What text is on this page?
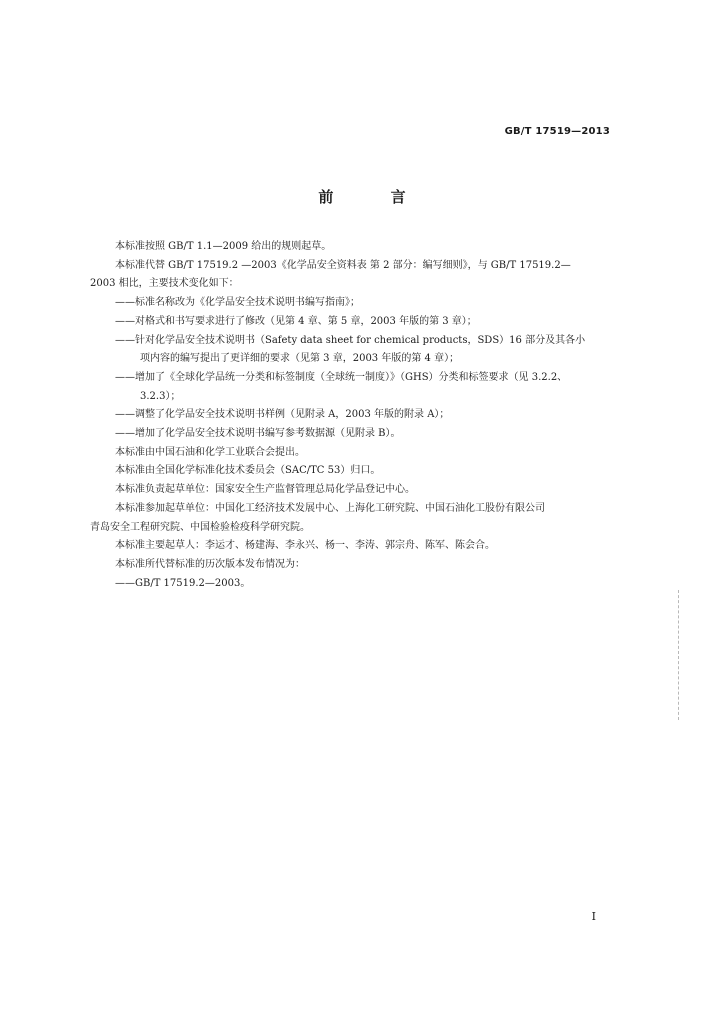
GB/T 17519—2013
前 言

本标准按照 GB/T 1.1—2009 给出的规则起草。

本标准代替 GB/T 17519.2 —2003《化学品安全资料表 第 2 部分：编写细则》，与 GB/T 17519.2—

2003 相比，主要技术变化如下：

——标准名称改为《化学品安全技术说明书编写指南》；

——对格式和书写要求进行了修改（见第 4 章、第 5 章，2003 年版的第 3 章）；

——针对化学品安全技术说明书（Safety data sheet for chemical products，SDS）16 部分及其各小

项内容的编写提出了更详细的要求（见第 3 章，2003 年版的第 4 章）；

——增加了《全球化学品统一分类和标签制度（全球统一制度）》（GHS）分类和标签要求（见 3.2.2、

3.2.3）；

——调整了化学品安全技术说明书样例（见附录 A，2003 年版的附录 A）；

——增加了化学品安全技术说明书编写参考数据源（见附录 B）。

本标准由中国石油和化学工业联合会提出。

本标准由全国化学标准化技术委员会（SAC/TC 53）归口。

本标准负责起草单位：国家安全生产监督管理总局化学品登记中心。

本标准参加起草单位：中国化工经济技术发展中心、上海化工研究院、中国石油化工股份有限公司

青岛安全工程研究院、中国检验检疫科学研究院。

本标准主要起草人：李运才、杨建海、李永兴、杨一、李涛、郭宗舟、陈军、陈会合。

本标准所代替标准的历次版本发布情况为：

——GB/T 17519.2—2003。

I
